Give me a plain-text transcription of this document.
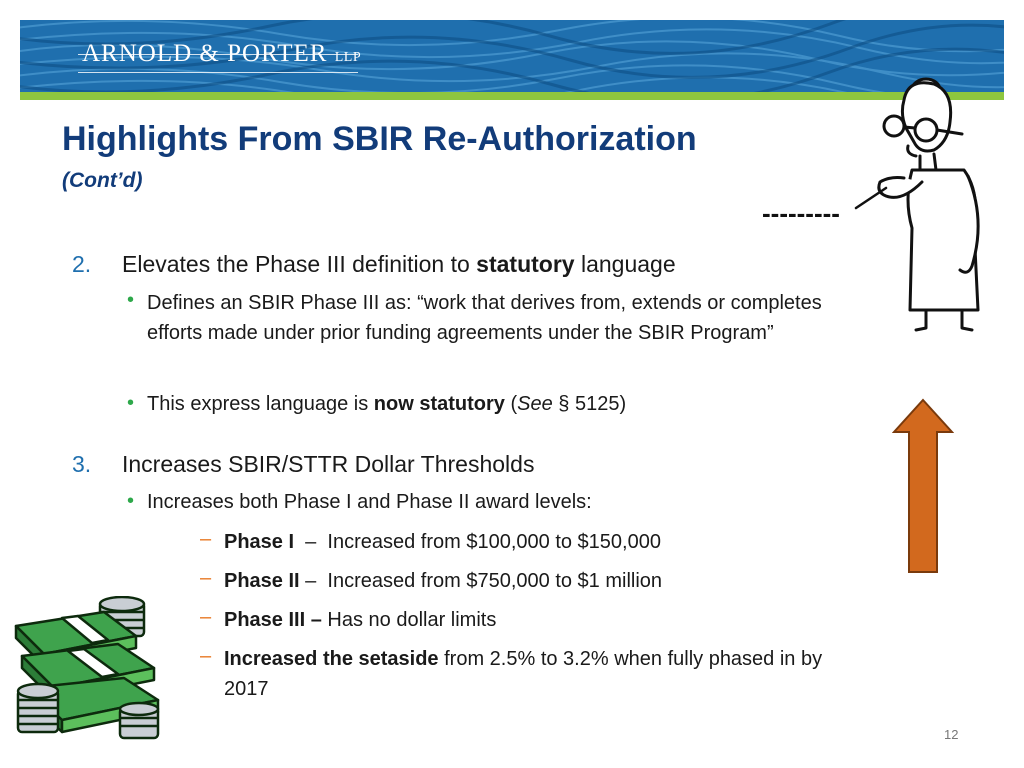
ARNOLD & PORTER LLP
Highlights From SBIR Re-Authorization
(Cont’d)
---------
2. Elevates the Phase III definition to statutory language
• Defines an SBIR Phase III as: “work that derives from, extends or completes efforts made under prior funding agreements under the SBIR Program”
• This express language is now statutory (See § 5125)
3. Increases SBIR/STTR Dollar Thresholds
• Increases both Phase I and Phase II award levels:
– Phase I  –  Increased from $100,000 to $150,000
– Phase II –  Increased from $750,000 to $1 million
– Phase III – Has no dollar limits
– Increased the setaside from 2.5% to 3.2% when fully phased in by 2017
12
